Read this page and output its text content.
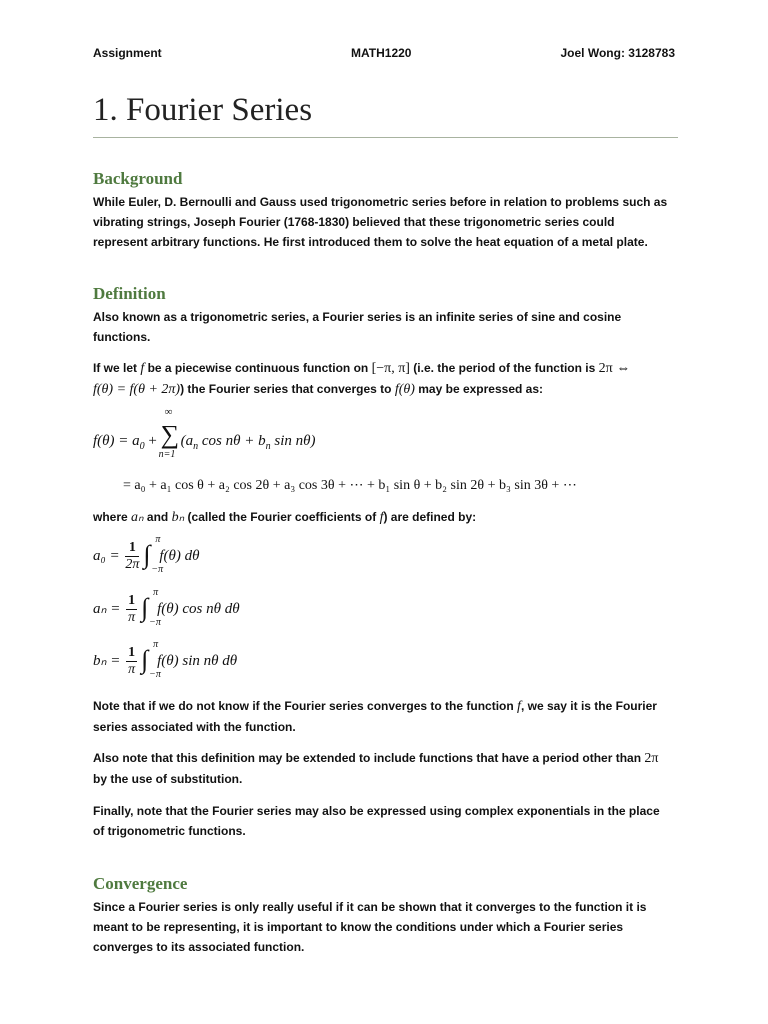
Assignment	MATH1220	Joel Wong: 3128783
1. Fourier Series
Background
While Euler, D. Bernoulli and Gauss used trigonometric series before in relation to problems such as
vibrating strings, Joseph Fourier (1768-1830) believed that these trigonometric series could
represent arbitrary functions. He first introduced them to solve the heat equation of a metal plate.
Definition
Also known as a trigonometric series, a Fourier series is an infinite series of sine and cosine
functions.
If we let f be a piecewise continuous function on [−π, π] (i.e. the period of the function is 2π ⇔
f(θ) = f(θ + 2π)) the Fourier series that converges to f(θ) may be expressed as:
$f(\theta) = a_0$ +
∞
∑
n=1
($a_n$ $\cos n\theta + b_n$ sin nθ)
= a₀ + a₁ cos θ + a₂ cos 2θ + a₃ cos 3θ + ⋯ + b₁ sin θ + b₂ sin 2θ + b₃ sin 3θ + ⋯
where aₙ and bₙ (called the Fourier coefficients of f) are defined by:
$a_0 = \frac{1}{2\pi}$
π
∫
−π
f(θ) dθ
$a_n = \frac{1}{\pi}$
π
∫
−π
f(θ) cos nθ dθ
$b_n = \frac{1}{\pi}$
π
∫
−π
f(θ) sin nθ dθ
Note that if we do not know if the Fourier series converges to the function f, we say it is the Fourier
series associated with the function.
Also note that this definition may be extended to include functions that have a period other than 2π
by the use of substitution.
Finally, note that the Fourier series may also be expressed using complex exponentials in the place
of trigonometric functions.
Convergence
Since a Fourier series is only really useful if it can be shown that it converges to the function it is
meant to be representing, it is important to know the conditions under which a Fourier series
converges to its associated function.
